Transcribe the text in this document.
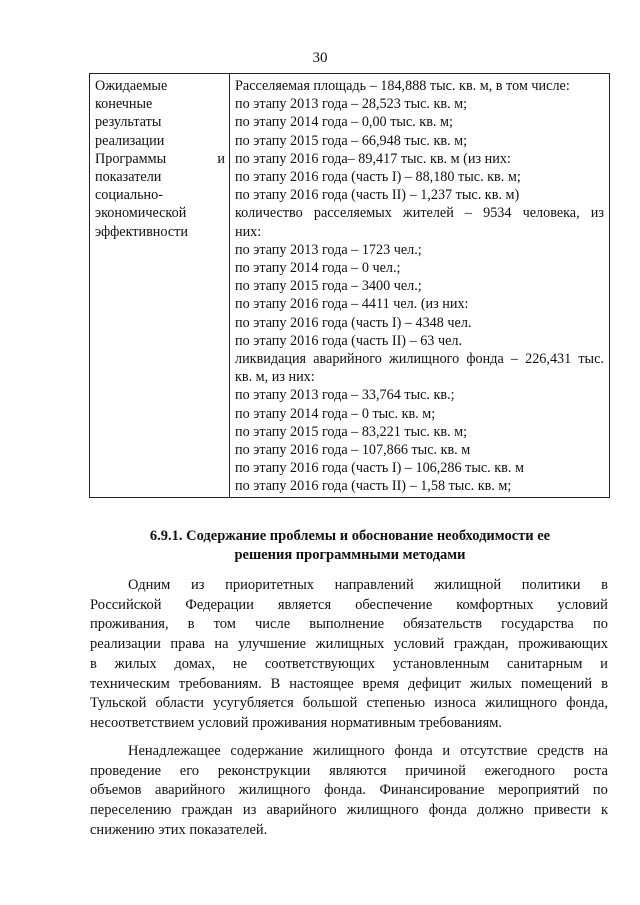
30
Ожидаемые
конечные
результаты
реализации
Программы	и
показатели
социально-
экономической
эффективности
Расселяемая площадь – 184,888 тыс. кв. м, в том числе:
по этапу 2013 года – 28,523 тыс. кв. м;
по этапу 2014 года – 0,00 тыс. кв. м;
по этапу 2015 года – 66,948 тыс. кв. м;
по этапу 2016 года– 89,417 тыс. кв. м (из них:
по этапу 2016 года (часть I) – 88,180 тыс. кв. м;
по этапу 2016 года (часть II) – 1,237 тыс. кв. м)
количество расселяемых жителей – 9534 человека, из
них:
по этапу 2013 года – 1723 чел.;
по этапу 2014 года – 0 чел.;
по этапу 2015 года – 3400 чел.;
по этапу 2016 года – 4411 чел. (из них:
по этапу 2016 года (часть I) – 4348 чел.
по этапу 2016 года (часть II) – 63 чел.
ликвидация аварийного жилищного фонда – 226,431 тыс.
кв. м, из них:
по этапу 2013 года – 33,764 тыс. кв.;
по этапу 2014 года – 0 тыс. кв. м;
по этапу 2015 года – 83,221 тыс. кв. м;
по этапу 2016 года – 107,866 тыс. кв. м
по этапу 2016 года (часть I) – 106,286 тыс. кв. м
по этапу 2016 года (часть II) – 1,58 тыс. кв. м;
6.9.1. Содержание проблемы и обоснование необходимости ее
решения программными методами
Одним из приоритетных направлений жилищной политики в
Российской Федерации является обеспечение комфортных условий
проживания, в том числе выполнение обязательств государства по
реализации права на улучшение жилищных условий граждан, проживающих
в жилых домах, не соответствующих установленным санитарным и
техническим требованиям. В настоящее время дефицит жилых помещений в
Тульской области усугубляется большой степенью износа жилищного фонда,
несоответствием условий проживания нормативным требованиям.
Ненадлежащее содержание жилищного фонда и отсутствие средств на
проведение его реконструкции являются причиной ежегодного роста
объемов аварийного жилищного фонда. Финансирование мероприятий по
переселению граждан из аварийного жилищного фонда должно привести к
снижению этих показателей.
